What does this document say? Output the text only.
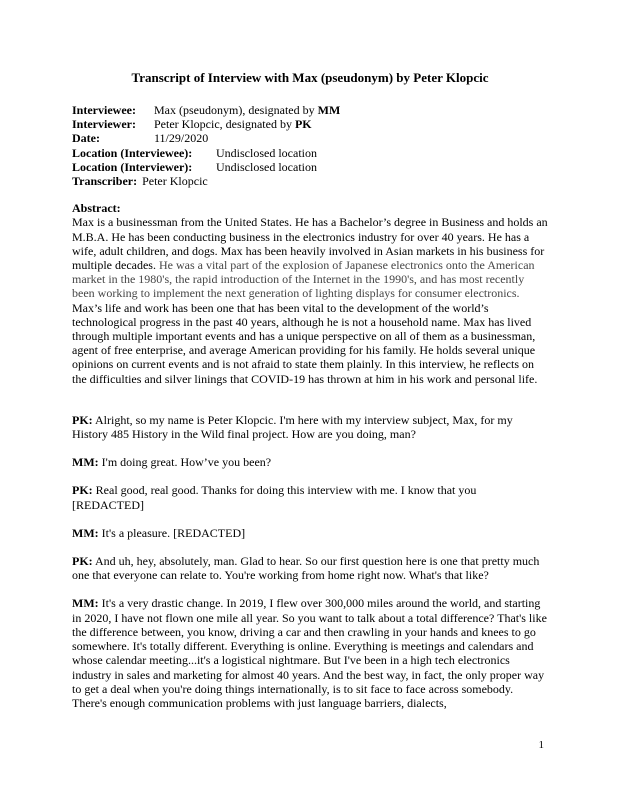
Transcript of Interview with Max (pseudonym) by Peter Klopcic
Interviewee: Max (pseudonym), designated by MM
Interviewer: Peter Klopcic, designated by PK
Date:	11/29/2020
Location (Interviewee): Undisclosed location
Location (Interviewer): Undisclosed location
Transcriber: Peter Klopcic
Abstract:

Max is a businessman from the United States. He has a Bachelor’s degree in Business and holds an M.B.A. He has been conducting business in the electronics industry for over 40 years. He has a wife, adult children, and dogs. Max has been heavily involved in Asian markets in his business for multiple decades. He was a vital part of the explosion of Japanese electronics onto the American market in the 1980's, the rapid introduction of the Internet in the 1990's, and has most recently been working to implement the next generation of lighting displays for consumer electronics. Max’s life and work has been one that has been vital to the development of the world’s technological progress in the past 40 years, although he is not a household name. Max has lived through multiple important events and has a unique perspective on all of them as a businessman, agent of free enterprise, and average American providing for his family. He holds several unique opinions on current events and is not afraid to state them plainly. In this interview, he reflects on the difficulties and silver linings that COVID-19 has thrown at him in his work and personal life.

PK: Alright, so my name is Peter Klopcic. I'm here with my interview subject, Max, for my History 485 History in the Wild final project. How are you doing, man?

MM: I'm doing great. How’ve you been?

PK: Real good, real good. Thanks for doing this interview with me. I know that you [REDACTED]

MM: It's a pleasure. [REDACTED]

PK: And uh, hey, absolutely, man. Glad to hear. So our first question here is one that pretty much one that everyone can relate to. You're working from home right now. What's that like?

MM: It's a very drastic change. In 2019, I flew over 300,000 miles around the world, and starting in 2020, I have not flown one mile all year. So you want to talk about a total difference? That's like the difference between, you know, driving a car and then crawling in your hands and knees to go somewhere. It's totally different. Everything is online. Everything is meetings and calendars and whose calendar meeting...it's a logistical nightmare. But I've been in a high tech electronics industry in sales and marketing for almost 40 years. And the best way, in fact, the only proper way to get a deal when you're doing things internationally, is to sit face to face across somebody. There's enough communication problems with just language barriers, dialects,

1
